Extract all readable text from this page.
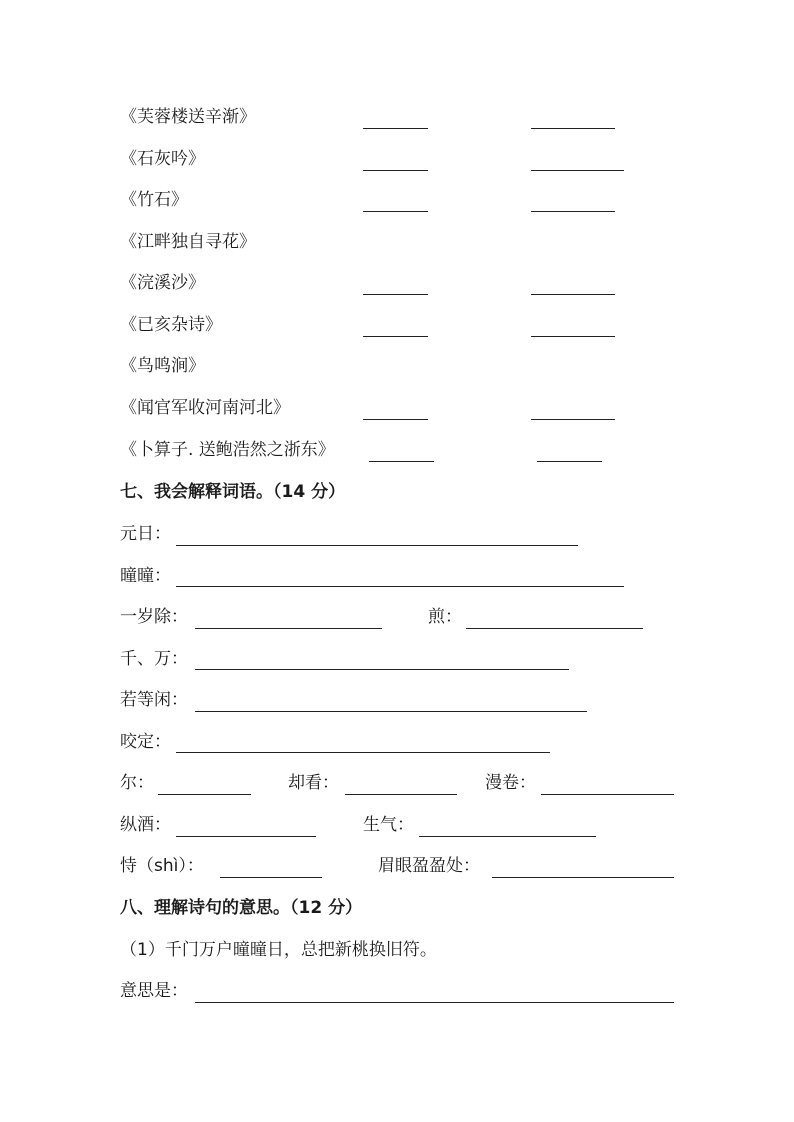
《芙蓉楼送辛渐》
《石灰吟》
《竹石》
《江畔独自寻花》
《浣溪沙》
《已亥杂诗》
《鸟鸣涧》
《闻官军收河南河北》
《卜算子. 送鲍浩然之浙东》
七、我会解释词语。（14 分）
元日：
曈曈：
一岁除：	煎：
千、万：
若等闲：
咬定：
尔：	却看：	漫卷：
纵酒：	生气：
恃（shì）：	眉眼盈盈处：
八、理解诗句的意思。（12 分）
（1）千门万户曈曈日，总把新桃换旧符。
意思是：
